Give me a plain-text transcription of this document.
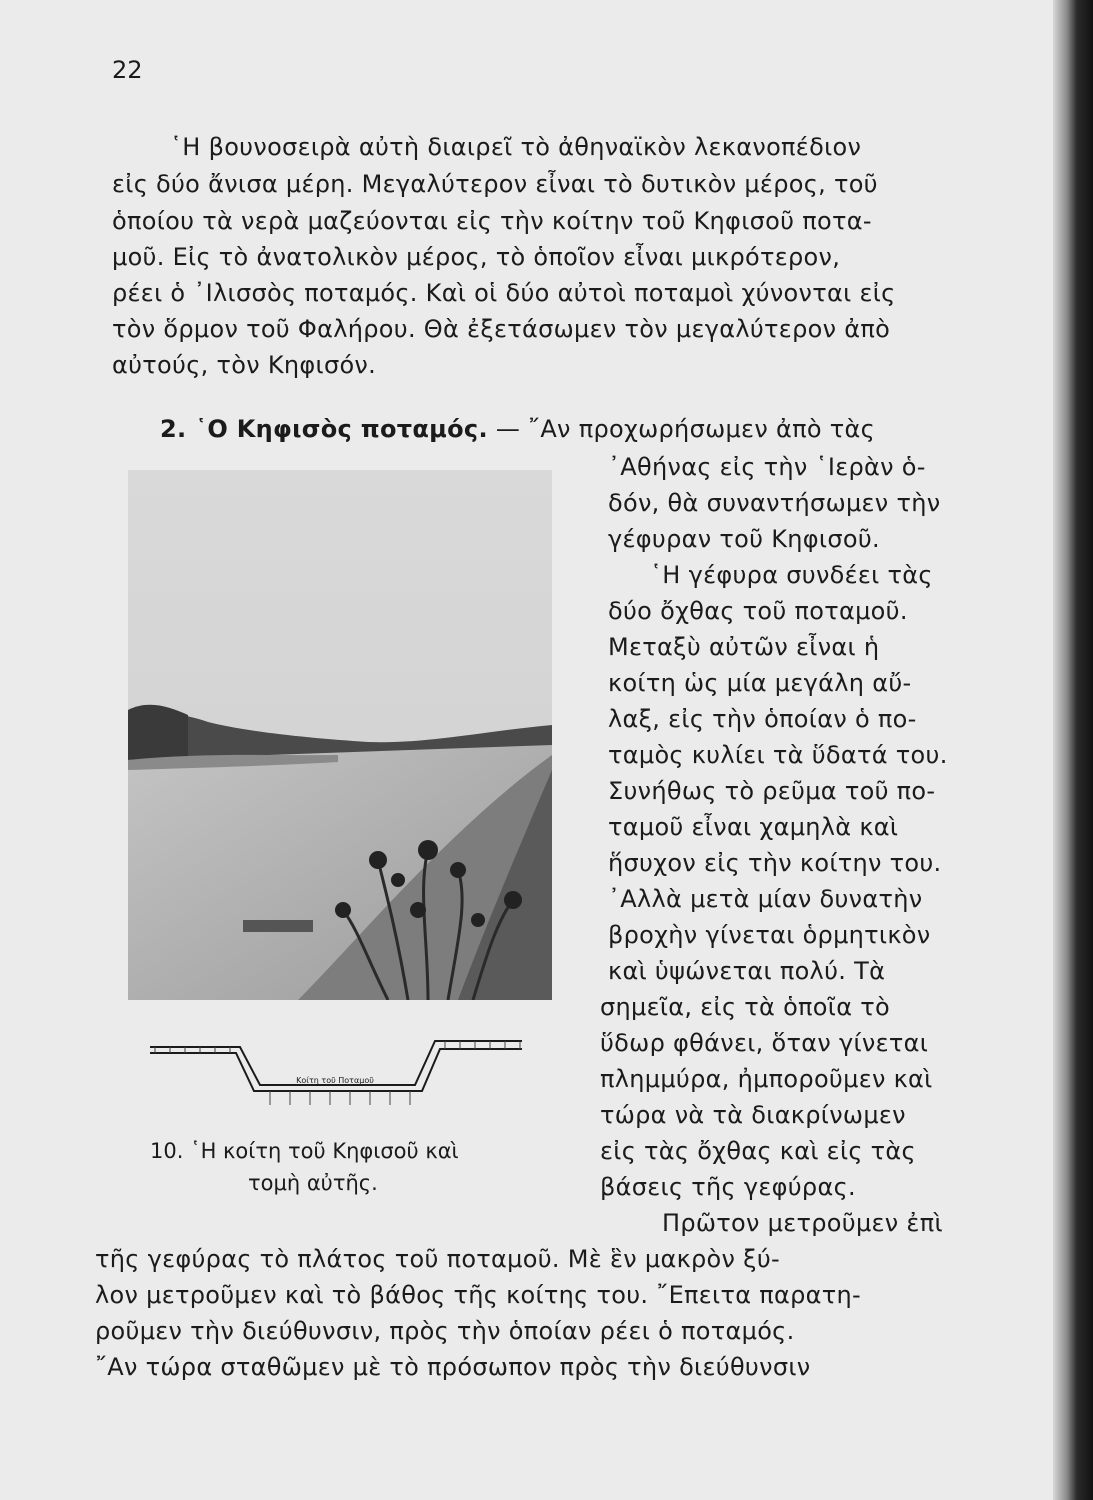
22
῾Η βουνοσειρὰ αὐτὴ διαιρεῖ τὸ ἀθηναϊκὸν λεκανοπέδιον
εἰς δύο ἄνισα μέρη. Μεγαλύτερον εἶναι τὸ δυτικὸν μέρος, τοῦ
ὁποίου τὰ νερὰ μαζεύονται εἰς τὴν κοίτην τοῦ Κηφισοῦ ποτα-
μοῦ. Εἰς τὸ ἀνατολικὸν μέρος, τὸ ὁποῖον εἶναι μικρότερον,
ρέει ὁ ᾿Ιλισσὸς ποταμός. Καὶ οἱ δύο αὐτοὶ ποταμοὶ χύνονται εἰς
τὸν ὅρμον τοῦ Φαλήρου. Θὰ ἐξετάσωμεν τὸν μεγαλύτερον ἀπὸ
αὐτούς, τὸν Κηφισόν.
2. ῾Ο Κηφισὸς ποταμός. — ῎Αν προχωρήσωμεν ἀπὸ τὰς
Κοίτη τοῦ Ποταμοῦ
10. ῾Η κοίτη τοῦ Κηφισοῦ καὶ
τομὴ αὐτῆς.
᾿Αθήνας εἰς τὴν ῾Ιερὰν ὁ-
δόν, θὰ συναντήσωμεν τὴν
γέφυραν τοῦ Κηφισοῦ.
῾Η γέφυρα συνδέει τὰς
δύο ὄχθας τοῦ ποταμοῦ.
Μεταξὺ αὐτῶν εἶναι ἡ
κοίτη ὡς μία μεγάλη αὔ-
λαξ, εἰς τὴν ὁποίαν ὁ πο-
ταμὸς κυλίει τὰ ὕδατά του.
Συνήθως τὸ ρεῦμα τοῦ πο-
ταμοῦ εἶναι χαμηλὰ καὶ
ἥσυχον εἰς τὴν κοίτην του.
᾿Αλλὰ μετὰ μίαν δυνατὴν
βροχὴν γίνεται ὁρμητικὸν
καὶ ὑψώνεται πολύ. Τὰ
σημεῖα, εἰς τὰ ὁποῖα τὸ
ὕδωρ φθάνει, ὅταν γίνεται
πλημμύρα, ἠμποροῦμεν καὶ
τώρα νὰ τὰ διακρίνωμεν
εἰς τὰς ὄχθας καὶ εἰς τὰς
βάσεις τῆς γεφύρας.
Πρῶτον μετροῦμεν ἐπὶ
τῆς γεφύρας τὸ πλάτος τοῦ ποταμοῦ. Μὲ ἓν μακρὸν ξύ-
λον μετροῦμεν καὶ τὸ βάθος τῆς κοίτης του. ῎Επειτα παρατη-
ροῦμεν τὴν διεύθυνσιν, πρὸς τὴν ὁποίαν ρέει ὁ ποταμός.
῎Αν τώρα σταθῶμεν μὲ τὸ πρόσωπον πρὸς τὴν διεύθυνσιν
